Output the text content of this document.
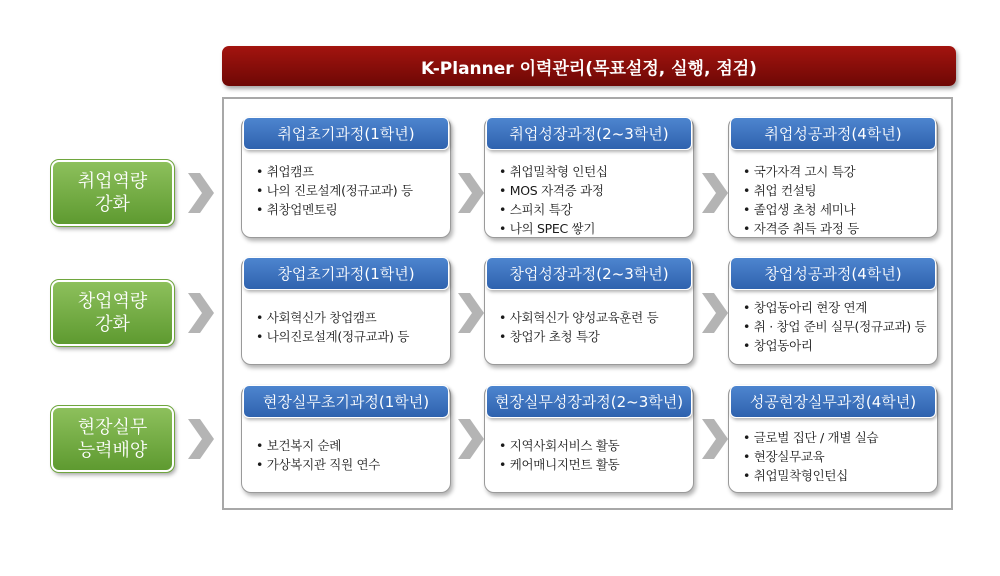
K-Planner 이력관리(목표설정, 실행, 점검)
취업역량
강화
취업초기과정(1학년)
• 취업캠프
• 나의 진로설계(정규교과) 등
• 취창업멘토링
취업성장과정(2~3학년)
• 취업밀착형 인턴십
• MOS 자격증 과정
• 스피치 특강
• 나의 SPEC 쌓기
취업성공과정(4학년)
• 국가자격 고시 특강
• 취업 컨설팅
• 졸업생 초청 세미나
• 자격증 취득 과정 등
창업역량
강화
창업초기과정(1학년)
• 사회혁신가 창업캠프
• 나의진로설계(정규교과) 등
창업성장과정(2~3학년)
• 사회혁신가 양성교육훈련 등
• 창업가 초청 특강
창업성공과정(4학년)
• 창업동아리 현장 연계
• 취 · 창업 준비 실무(정규교과) 등
• 창업동아리
현장실무
능력배양
현장실무초기과정(1학년)
• 보건복지 순례
• 가상복지관 직원 연수
현장실무성장과정(2~3학년)
• 지역사회서비스 활동
• 케어매니지먼트 활동
성공현장실무과정(4학년)
• 글로벌 집단 / 개별 실습
• 현장실무교육
• 취업밀착형인턴십
